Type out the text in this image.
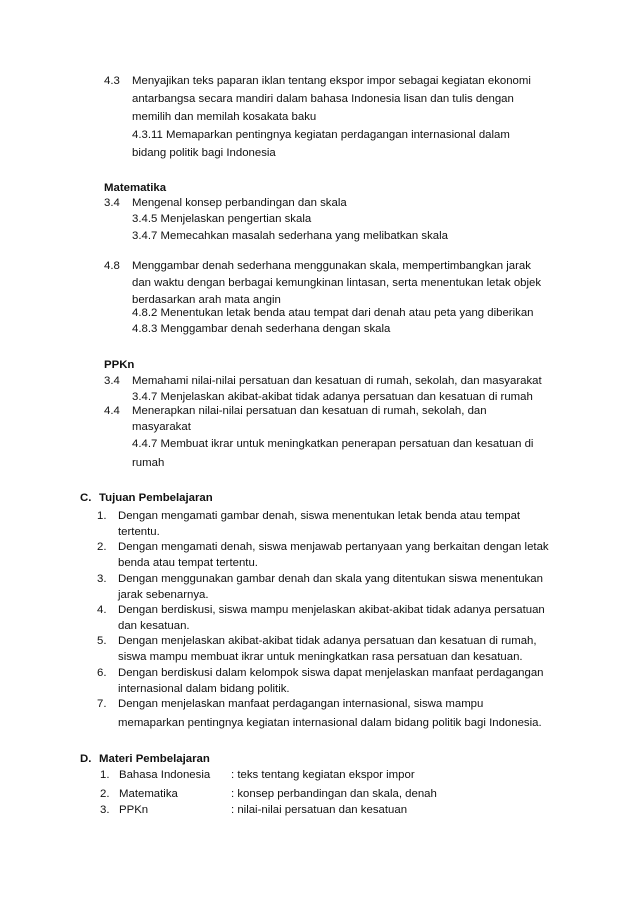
4.3 Menyajikan teks paparan iklan tentang ekspor impor sebagai kegiatan ekonomi
antarbangsa secara mandiri dalam bahasa Indonesia lisan dan tulis dengan
memilih dan memilah kosakata baku
4.3.11 Memaparkan pentingnya kegiatan perdagangan internasional dalam
bidang politik bagi Indonesia
Matematika
3.4 Mengenal konsep perbandingan dan skala
3.4.5 Menjelaskan pengertian skala
3.4.7 Memecahkan masalah sederhana yang melibatkan skala
4.8 Menggambar denah sederhana menggunakan skala, mempertimbangkan jarak
dan waktu dengan berbagai kemungkinan lintasan, serta menentukan letak objek
berdasarkan arah mata angin
4.8.2 Menentukan letak benda atau tempat dari denah atau peta yang diberikan
4.8.3 Menggambar denah sederhana dengan skala
PPKn
3.4 Memahami nilai-nilai persatuan dan kesatuan di rumah, sekolah, dan masyarakat
3.4.7 Menjelaskan akibat-akibat tidak adanya persatuan dan kesatuan di rumah
4.4 Menerapkan nilai-nilai persatuan dan kesatuan di rumah, sekolah, dan
masyarakat
4.4.7 Membuat ikrar untuk meningkatkan penerapan persatuan dan kesatuan di
rumah
C. Tujuan Pembelajaran
1. Dengan mengamati gambar denah, siswa menentukan letak benda atau tempat
tertentu.
2. Dengan mengamati denah, siswa menjawab pertanyaan yang berkaitan dengan letak
benda atau tempat tertentu.
3. Dengan menggunakan gambar denah dan skala yang ditentukan siswa menentukan
jarak sebenarnya.
4. Dengan berdiskusi, siswa mampu menjelaskan akibat-akibat tidak adanya persatuan
dan kesatuan.
5. Dengan menjelaskan akibat-akibat tidak adanya persatuan dan kesatuan di rumah,
siswa mampu membuat ikrar untuk meningkatkan rasa persatuan dan kesatuan.
6. Dengan berdiskusi dalam kelompok siswa dapat menjelaskan manfaat perdagangan
internasional dalam bidang politik.
7. Dengan menjelaskan manfaat perdagangan internasional, siswa mampu
memaparkan pentingnya kegiatan internasional dalam bidang politik bagi Indonesia.
D. Materi Pembelajaran
1. Bahasa Indonesia : teks tentang kegiatan ekspor impor
2. Matematika	: konsep perbandingan dan skala, denah
3. PPKn	: nilai-nilai persatuan dan kesatuan
